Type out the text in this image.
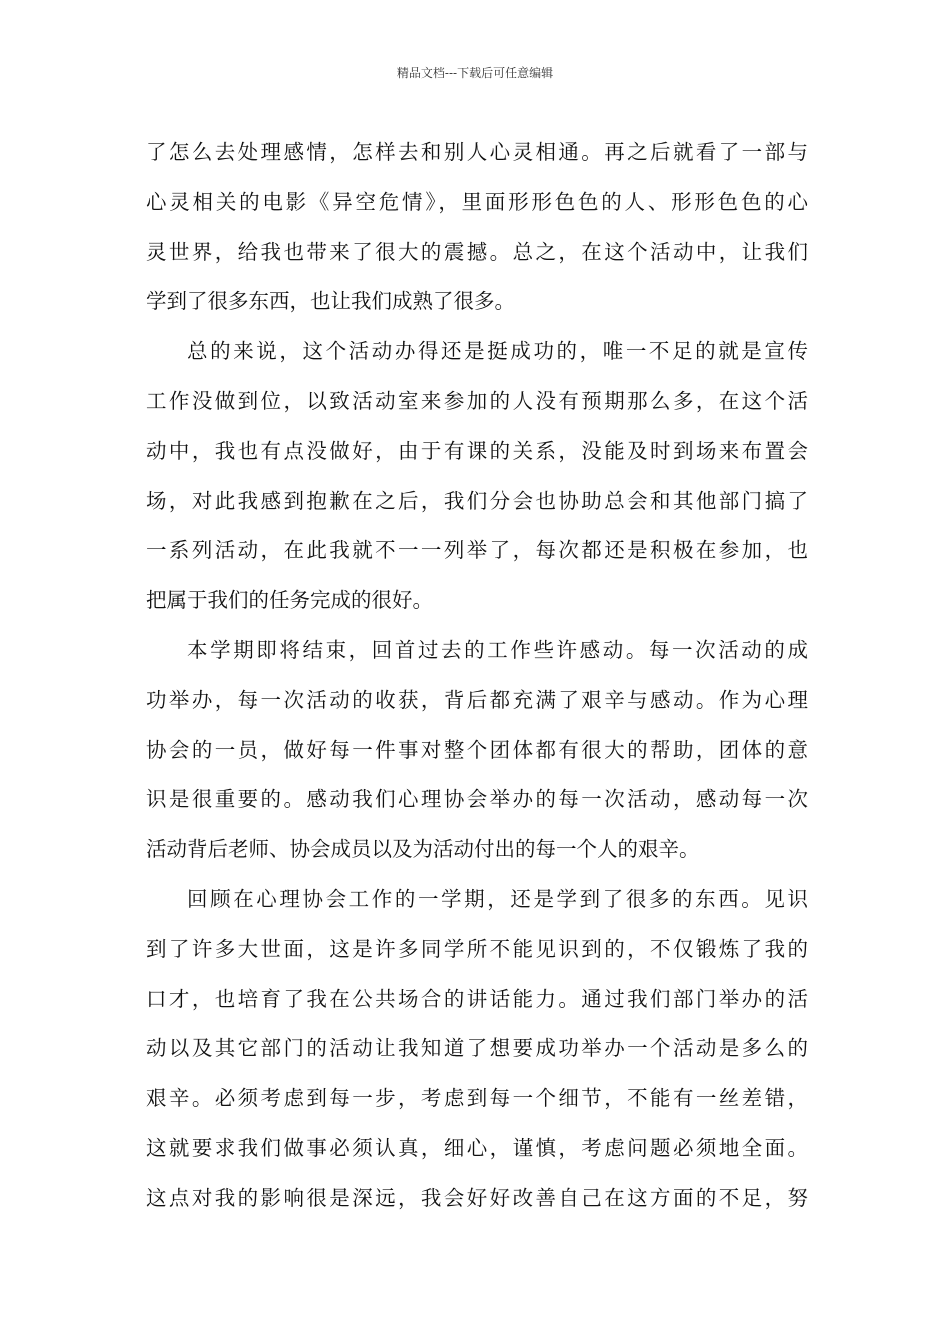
精品文档---下载后可任意编辑
了怎么去处理感情，怎样去和别人心灵相通。再之后就看了一部与
心灵相关的电影《异空危情》，里面形形色色的人、形形色色的心
灵世界，给我也带来了很大的震撼。总之，在这个活动中，让我们
学到了很多东西，也让我们成熟了很多。
总的来说，这个活动办得还是挺成功的，唯一不足的就是宣传
工作没做到位，以致活动室来参加的人没有预期那么多，在这个活
动中，我也有点没做好，由于有课的关系，没能及时到场来布置会
场，对此我感到抱歉在之后，我们分会也协助总会和其他部门搞了
一系列活动，在此我就不一一列举了，每次都还是积极在参加，也
把属于我们的任务完成的很好。
本学期即将结束，回首过去的工作些许感动。每一次活动的成
功举办，每一次活动的收获，背后都充满了艰辛与感动。作为心理
协会的一员，做好每一件事对整个团体都有很大的帮助，团体的意
识是很重要的。感动我们心理协会举办的每一次活动，感动每一次
活动背后老师、协会成员以及为活动付出的每一个人的艰辛。
回顾在心理协会工作的一学期，还是学到了很多的东西。见识
到了许多大世面，这是许多同学所不能见识到的，不仅锻炼了我的
口才，也培育了我在公共场合的讲话能力。通过我们部门举办的活
动以及其它部门的活动让我知道了想要成功举办一个活动是多么的
艰辛。必须考虑到每一步，考虑到每一个细节，不能有一丝差错，
这就要求我们做事必须认真，细心，谨慎，考虑问题必须地全面。
这点对我的影响很是深远，我会好好改善自己在这方面的不足，努
